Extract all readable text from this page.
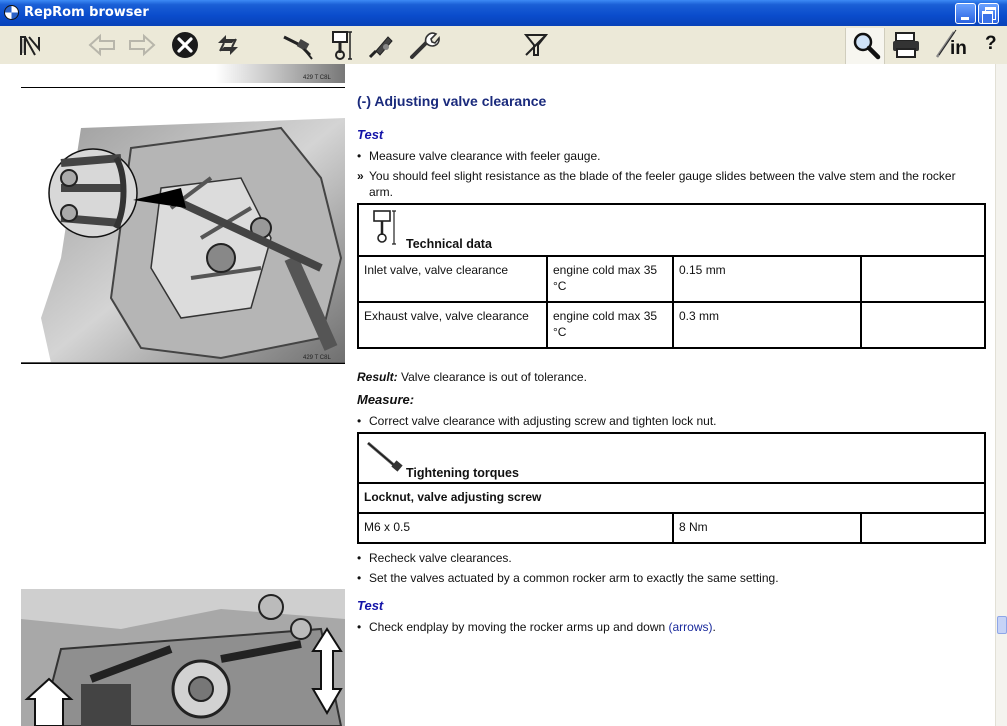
RepRom browser
in ?
429 T C8L
429 T C8L
(-) Adjusting valve clearance
Test
• Measure valve clearance with feeler gauge.
» You should feel slight resistance as the blade of the feeler gauge slides between the valve stem and the rocker arm.
Technical data			

Inlet valve, valve clearance	engine cold max 35 °C	0.15 mm	
Exhaust valve, valve clearance	engine cold max 35 °C	0.3 mm	
Result: Valve clearance is out of tolerance.
Measure:
• Correct valve clearance with adjusting screw and tighten lock nut.
Tightening torques

Locknut, valve adjusting screw
M6 x 0.5	8 Nm	
• Recheck valve clearances.
• Set the valves actuated by a common rocker arm to exactly the same setting.
Test
• Check endplay by moving the rocker arms up and down (arrows).
